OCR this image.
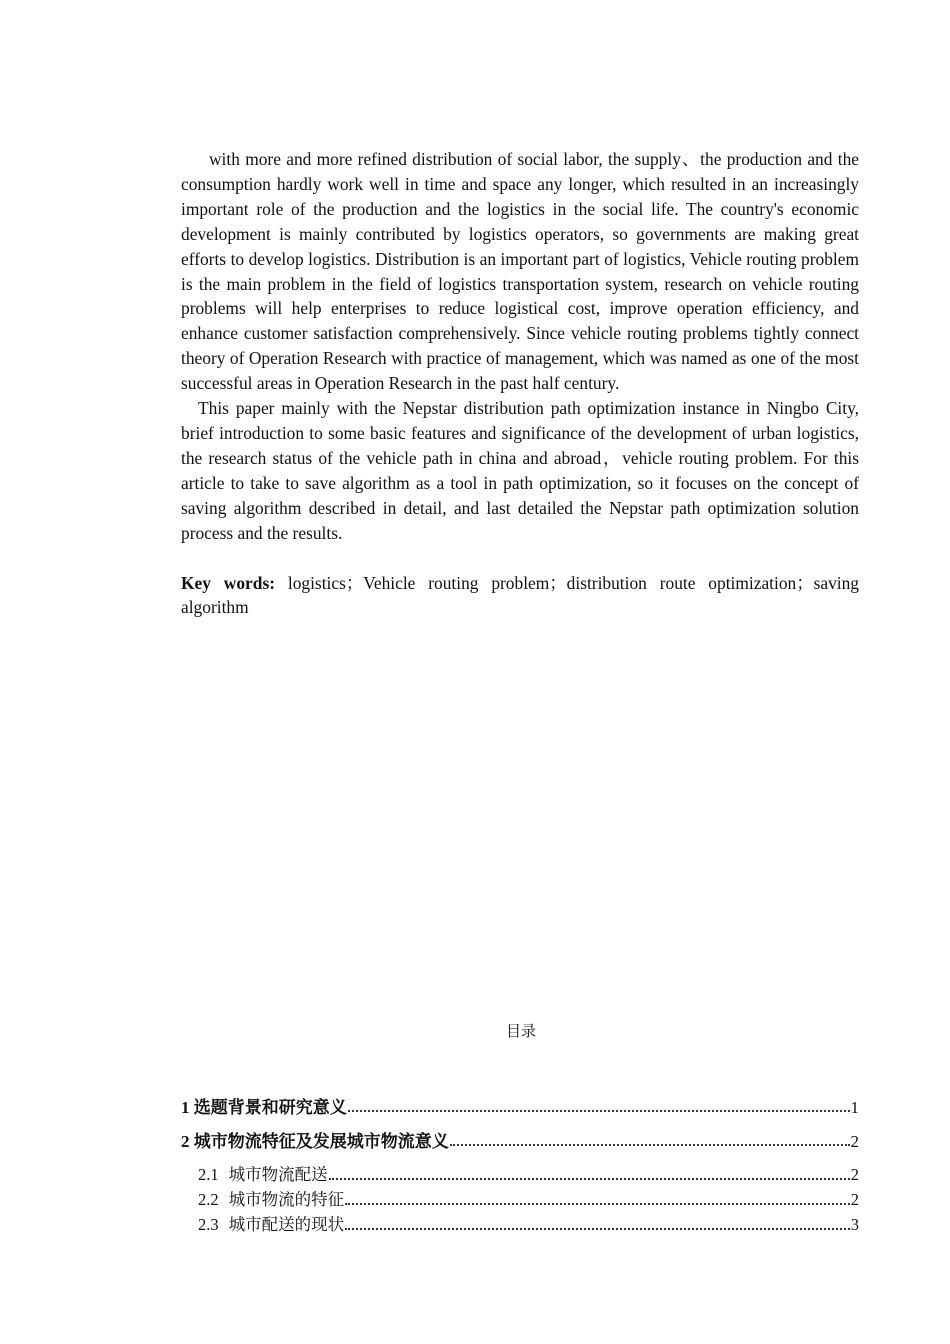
with more and more refined distribution of social labor, the supply、the production and the consumption hardly work well in time and space any longer, which resulted in an increasingly important role of the production and the logistics in the social life. The country's economic development is mainly contributed by logistics operators, so governments are making great efforts to develop logistics. Distribution is an important part of logistics, Vehicle routing problem is the main problem in the field of logistics transportation system, research on vehicle routing problems will help enterprises to reduce logistical cost, improve operation efficiency, and enhance customer satisfaction comprehensively. Since vehicle routing problems tightly connect theory of Operation Research with practice of management, which was named as one of the most successful areas in Operation Research in the past half century.

This paper mainly with the Nepstar distribution path optimization instance in Ningbo City, brief introduction to some basic features and significance of the development of urban logistics, the research status of the vehicle path in china and abroad，vehicle routing problem. For this article to take to save algorithm as a tool in path optimization, so it focuses on the concept of saving algorithm described in detail, and last detailed the Nepstar path optimization solution process and the results.

Key words: logistics；Vehicle routing problem；distribution route optimization；saving algorithm

目录
1 选题背景和研究意义	1
2 城市物流特征及发展城市物流意义	2
2.1 城市物流配送	2
2.2 城市物流的特征	2
2.3 城市配送的现状	3
